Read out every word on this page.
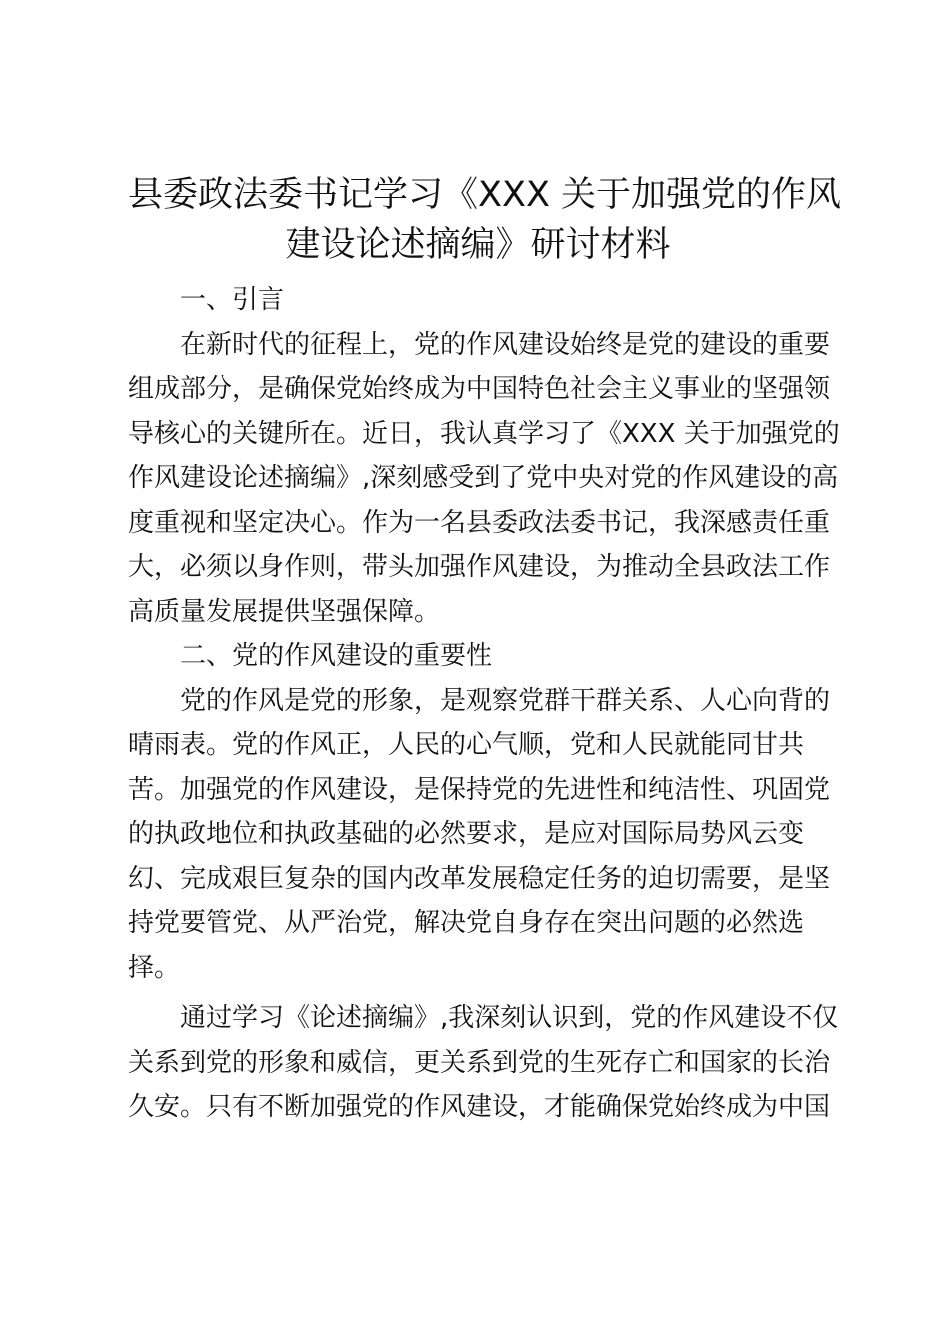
县委政法委书记学习《XXX 关于加强党的作风
建设论述摘编》研讨材料
一、引言
在新时代的征程上，党的作风建设始终是党的建设的重要
组成部分，是确保党始终成为中国特色社会主义事业的坚强领
导核心的关键所在。近日，我认真学习了《XXX 关于加强党的
作风建设论述摘编》,深刻感受到了党中央对党的作风建设的高
度重视和坚定决心。作为一名县委政法委书记，我深感责任重
大，必须以身作则，带头加强作风建设，为推动全县政法工作
高质量发展提供坚强保障。
二、党的作风建设的重要性
党的作风是党的形象，是观察党群干群关系、人心向背的
晴雨表。党的作风正，人民的心气顺，党和人民就能同甘共
苦。加强党的作风建设，是保持党的先进性和纯洁性、巩固党
的执政地位和执政基础的必然要求，是应对国际局势风云变
幻、完成艰巨复杂的国内改革发展稳定任务的迫切需要，是坚
持党要管党、从严治党，解决党自身存在突出问题的必然选
择。
通过学习《论述摘编》,我深刻认识到，党的作风建设不仅
关系到党的形象和威信，更关系到党的生死存亡和国家的长治
久安。只有不断加强党的作风建设，才能确保党始终成为中国
